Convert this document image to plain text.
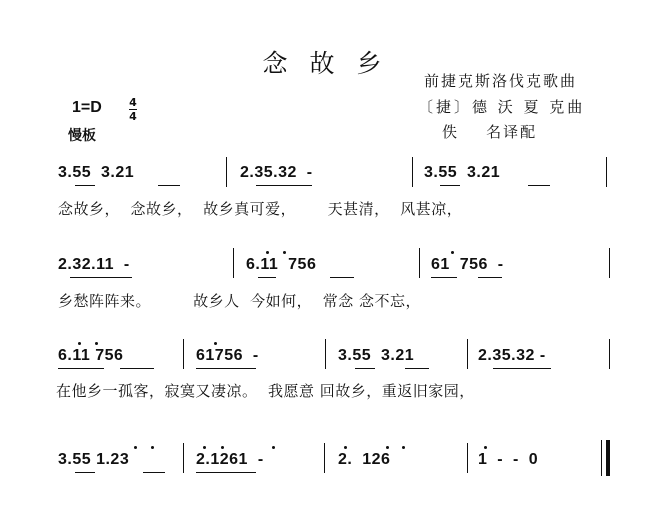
念故乡
前捷克斯洛伐克歌曲
〔捷〕德 沃 夏 克曲
佚    名译配
1=D 4
4
慢板
3.55  3.21	2.35.32  -	3.55  3.21
念故乡，  念故乡，  故乡真可爱，      天甚清，  风甚凉，
2.32.11  -	6.11  756	61  756  -
乡愁阵阵来。        故乡人  今如何，  常念 念不忘，
6.11 756	61756  -	3.55  3.21	2.35.32 -
在他乡一孤客，寂寞又凄凉。  我愿意 回故乡，重返旧家园，
3.55 1.23	2.1261  -	2.  126	1  -  -  0
